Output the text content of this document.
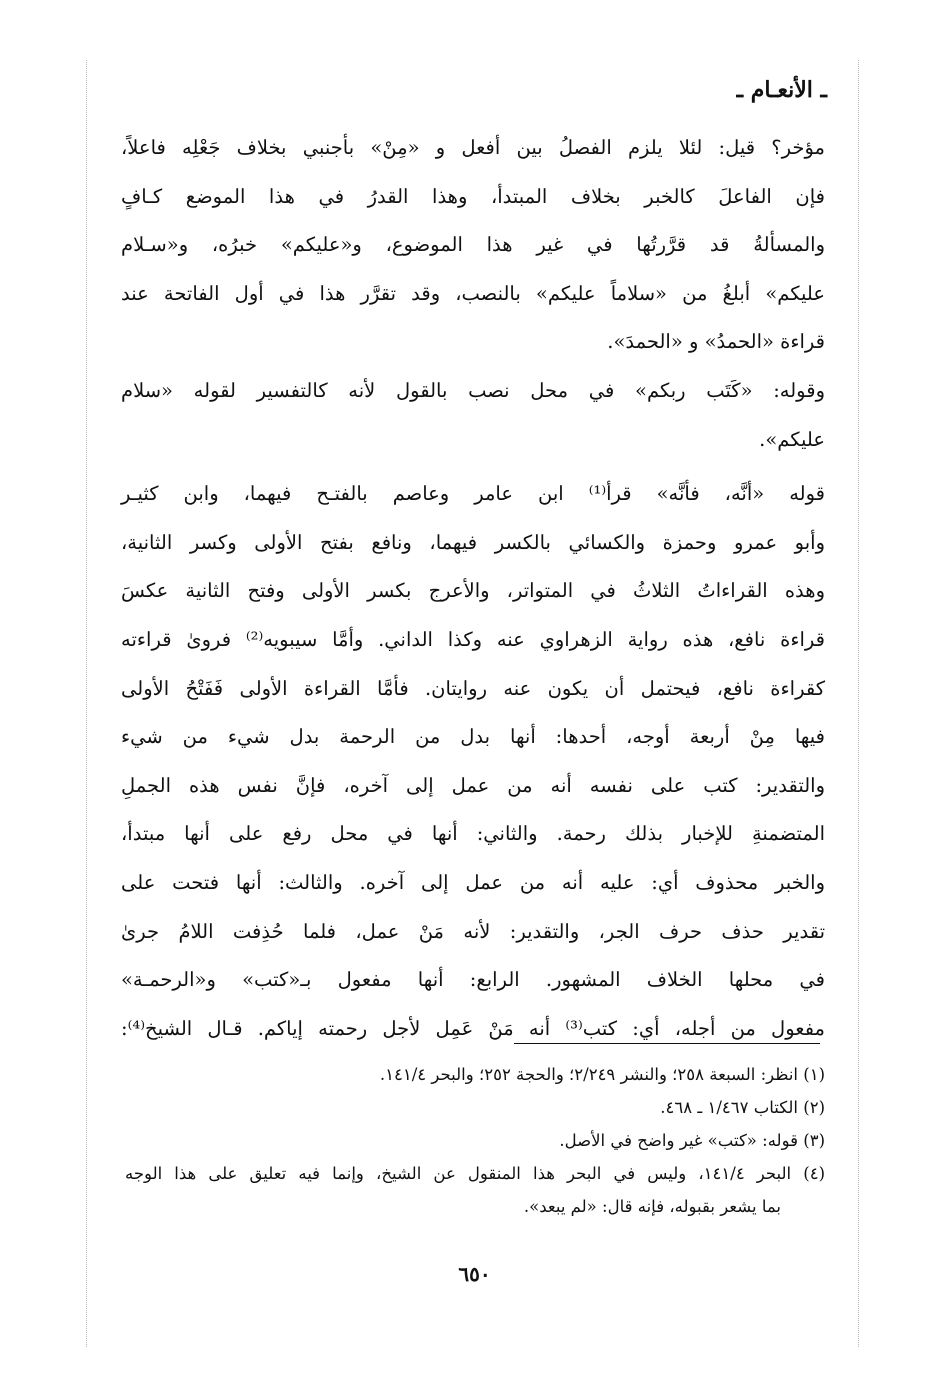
ـ الأنعـام ـ
مؤخر؟ قيل: لئلا يلزم الفصلُ بين أفعل و «مِنْ» بأجنبي بخلاف جَعْلِه فاعلاً،
فإن الفاعلَ كالخبر بخلاف المبتدأ، وهذا القدرُ في هذا الموضع كـافٍ
والمسألةُ قد قرَّرتُها في غير هذا الموضوع، و«عليكم» خبرُه، و«سـلام
عليكم» أبلغُ من «سلاماً عليكم» بالنصب، وقد تقرَّر هذا في أول الفاتحة عند
قراءة «الحمدُ» و «الحمدَ».
وقوله: «كَتَب ربكم» في محل نصب بالقول لأنه كالتفسير لقوله «سلام
عليكم».
قوله «أنَّه، فأنَّه» قرأ⁽¹⁾ ابن عامر وعاصم بالفتـح فيهما، وابن كثيـر
وأبو عمرو وحمزة والكسائي بالكسر فيهما، ونافع بفتح الأولى وكسر الثانية،
وهذه القراءاتُ الثلاثُ في المتواتر، والأعرج بكسر الأولى وفتح الثانية عكسَ
قراءة نافع، هذه رواية الزهراوي عنه وكذا الداني. وأمَّا سيبويه⁽²⁾ فروىٰ قراءته
كقراءة نافع، فيحتمل أن يكون عنه روايتان. فأمَّا القراءة الأولى فَفَتْحُ الأولى
فيها مِنْ أربعة أوجه، أحدها: أنها بدل من الرحمة بدل شيء من شيء
والتقدير: كتب على نفسه أنه من عمل إلى آخره، فإنَّ نفس هذه الجملِ
المتضمنةِ للإخبار بذلك رحمة. والثاني: أنها في محل رفع على أنها مبتدأ،
والخبر محذوف أي: عليه أنه من عمل إلى آخره. والثالث: أنها فتحت على
تقدير حذف حرف الجر، والتقدير: لأنه مَنْ عمل، فلما حُذِفت اللامُ جرىٰ
في محلها الخلاف المشهور. الرابع: أنها مفعول بـ«كتب» و«الرحمـة»
مفعول من أجله، أي: كتب⁽³⁾ أنه مَنْ عَمِل لأجل رحمته إياكم. قـال الشيخ⁽⁴⁾:
(١) انظر: السبعة ٢٥٨؛ والنشر ٢/٢٤٩؛ والحجة ٢٥٢؛ والبحر ١٤١/٤.
(٢) الكتاب ١/٤٦٧ ـ ٤٦٨.
(٣) قوله: «كتب» غير واضح في الأصل.
(٤) البحر ١٤١/٤، وليس في البحر هذا المنقول عن الشيخ، وإنما فيه تعليق على هذا الوجه
بما يشعر بقبوله، فإنه قال: «لم يبعد».
٦٥٠
